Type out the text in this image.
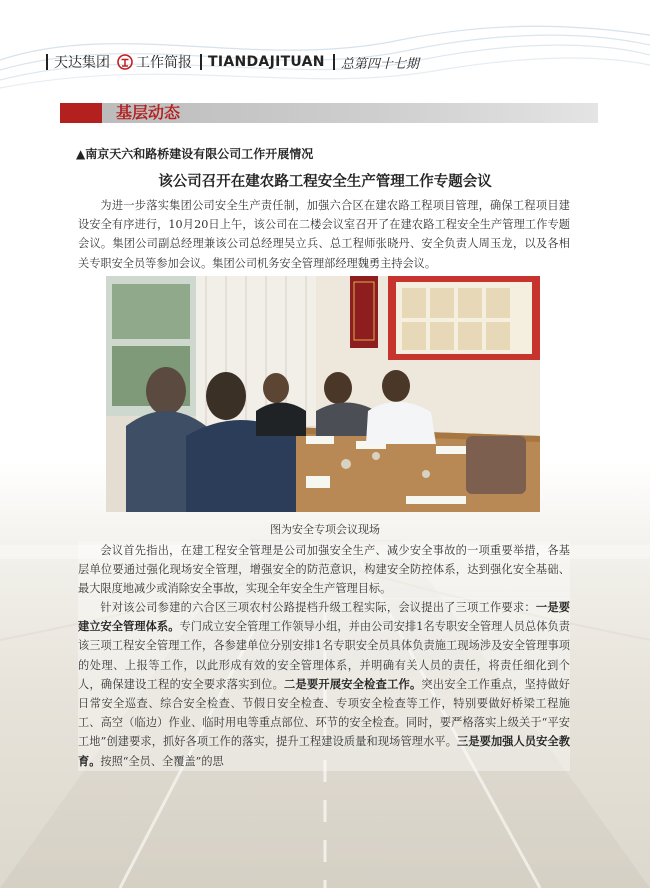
天达集团 工作简报 TIANDAJITUAN 总第四十七期
基层动态
▲南京天六和路桥建设有限公司工作开展情况
该公司召开在建农路工程安全生产管理工作专题会议

为进一步落实集团公司安全生产责任制，加强六合区在建农路工程项目管理，确保工程项目建设安全有序进行，10月20日上午，该公司在二楼会议室召开了在建农路工程安全生产管理工作专题会议。集团公司副总经理兼该公司总经理吴立兵、总工程师张晓丹、安全负责人周玉龙，以及各相关专职安全员等参加会议。集团公司机务安全管理部经理魏勇主持会议。

图为安全专项会议现场

会议首先指出，在建工程安全管理是公司加强安全生产、减少安全事故的一项重要举措，各基层单位要通过强化现场安全管理，增强安全的防范意识，构建安全防控体系，达到强化安全基础、最大限度地减少或消除安全事故，实现全年安全生产管理目标。

针对该公司参建的六合区三项农村公路提档升级工程实际，会议提出了三项工作要求：一是要建立安全管理体系。专门成立安全管理工作领导小组，并由公司安排1名专职安全管理人员总体负责该三项工程安全管理工作，各参建单位分别安排1名专职安全员具体负责施工现场涉及安全管理事项的处理、上报等工作，以此形成有效的安全管理体系，并明确有关人员的责任，将责任细化到个人，确保建设工程的安全要求落实到位。二是要开展安全检查工作。突出安全工作重点，坚持做好日常安全巡查、综合安全检查、节假日安全检查、专项安全检查等工作，特别要做好桥梁工程施工、高空（临边）作业、临时用电等重点部位、环节的安全检查。同时，要严格落实上级关于“平安工地”创建要求，抓好各项工作的落实，提升工程建设质量和现场管理水平。三是要加强人员安全教育。按照“全员、全覆盖”的思
